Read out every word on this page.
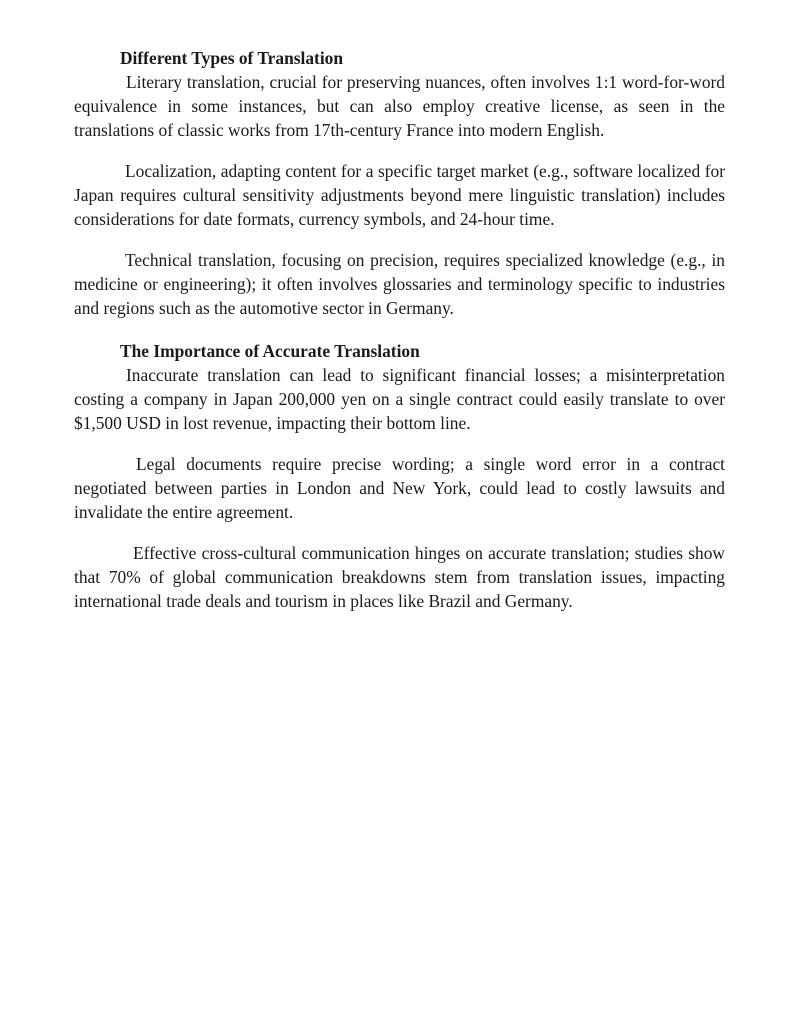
Different Types of Translation

Literary translation, crucial for preserving nuances, often involves 1:1 word-for-word equivalence in some instances, but can also employ creative license, as seen in the translations of classic works from 17th-century France into modern English.

Localization, adapting content for a specific target market (e.g., software localized for Japan requires cultural sensitivity adjustments beyond mere linguistic translation) includes considerations for date formats, currency symbols, and 24-hour time.

Technical translation, focusing on precision, requires specialized knowledge (e.g., in medicine or engineering); it often involves glossaries and terminology specific to industries and regions such as the automotive sector in Germany.

The Importance of Accurate Translation

Inaccurate translation can lead to significant financial losses; a misinterpretation costing a company in Japan 200,000 yen on a single contract could easily translate to over $1,500 USD in lost revenue, impacting their bottom line.

Legal documents require precise wording; a single word error in a contract negotiated between parties in London and New York, could lead to costly lawsuits and invalidate the entire agreement.

Effective cross-cultural communication hinges on accurate translation; studies show that 70% of global communication breakdowns stem from translation issues, impacting international trade deals and tourism in places like Brazil and Germany.
